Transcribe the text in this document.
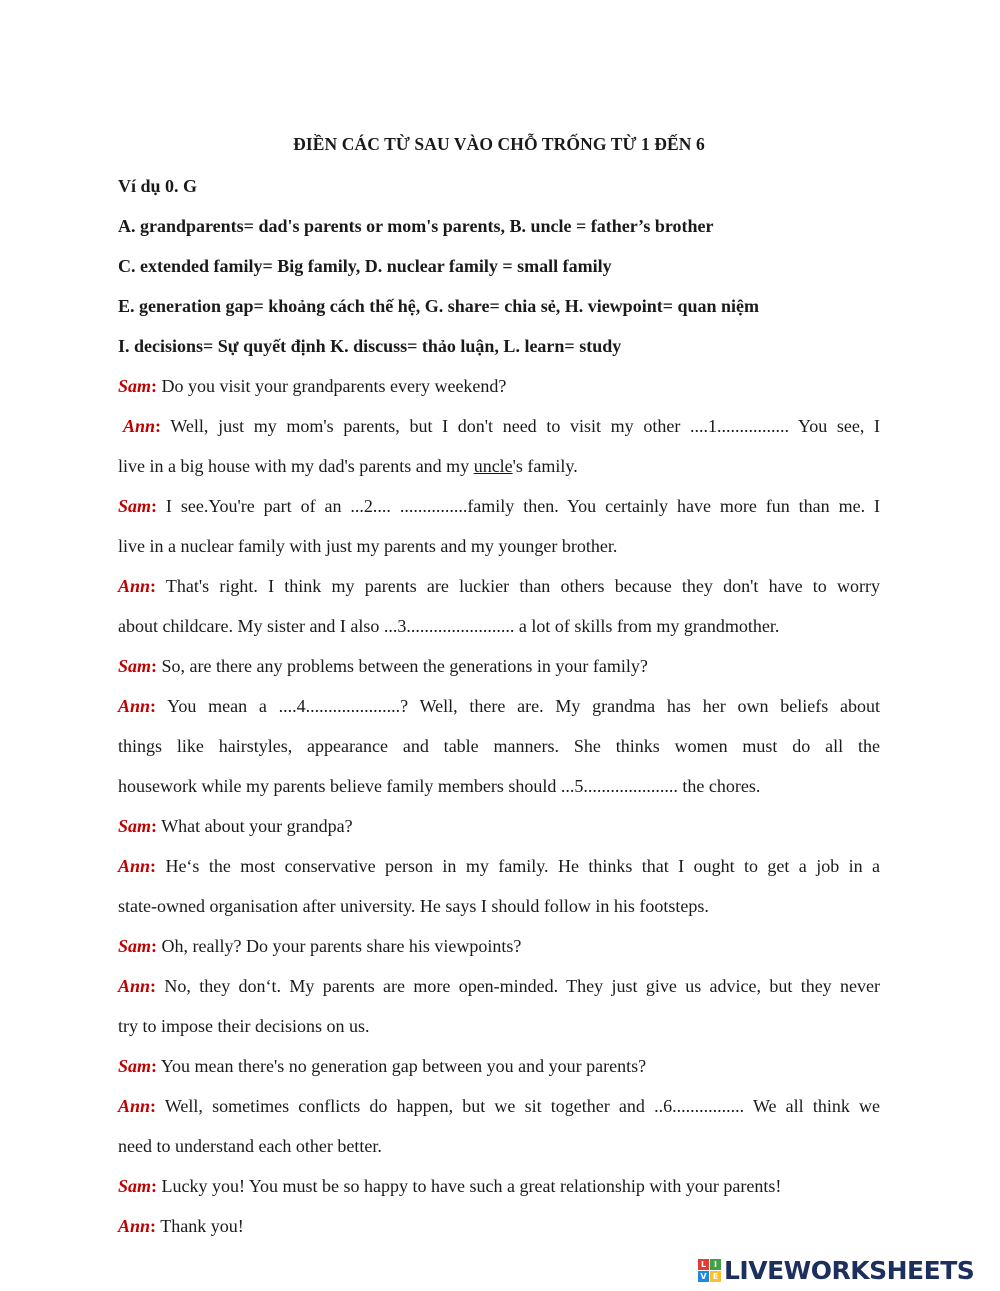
ĐIỀN CÁC TỪ SAU VÀO CHỖ TRỐNG TỪ 1 ĐẾN 6
Ví dụ 0. G
A. grandparents= dad's parents or mom's parents, B. uncle = father’s brother
C. extended family= Big family, D. nuclear family = small family
E. generation gap= khoảng cách thế hệ, G. share= chia sẻ, H. viewpoint= quan niệm
I. decisions= Sự quyết định K. discuss= thảo luận, L. learn= study
Sam: Do you visit your grandparents every weekend?
Ann: Well, just my mom's parents, but I don't need to visit my other ....1................ You see, I
live in a big house with my dad's parents and my uncle's family.
Sam: I see.You're part of an ...2.... ...............family then. You certainly have more fun than me. I
live in a nuclear family with just my parents and my younger brother.
Ann: That's right. I think my parents are luckier than others because they don't have to worry
about childcare. My sister and I also ...3........................ a lot of skills from my grandmother.
Sam: So, are there any problems between the generations in your family?
Ann: You mean a ....4.....................? Well, there are. My grandma has her own beliefs about
things like hairstyles, appearance and table manners. She thinks women must do all the
housework while my parents believe family members should ...5..................... the chores.
Sam: What about your grandpa?
Ann: He‘s the most conservative person in my family. He thinks that I ought to get a job in a
state-owned organisation after university. He says I should follow in his footsteps.
Sam: Oh, really? Do your parents share his viewpoints?
Ann: No, they don‘t. My parents are more open-minded. They just give us advice, but they never
try to impose their decisions on us.
Sam: You mean there's no generation gap between you and your parents?
Ann: Well, sometimes conflicts do happen, but we sit together and ..6................ We all think we
need to understand each other better.
Sam: Lucky you! You must be so happy to have such a great relationship with your parents!
Ann: Thank you!
L I
V E LIVEWORKSHEETS
